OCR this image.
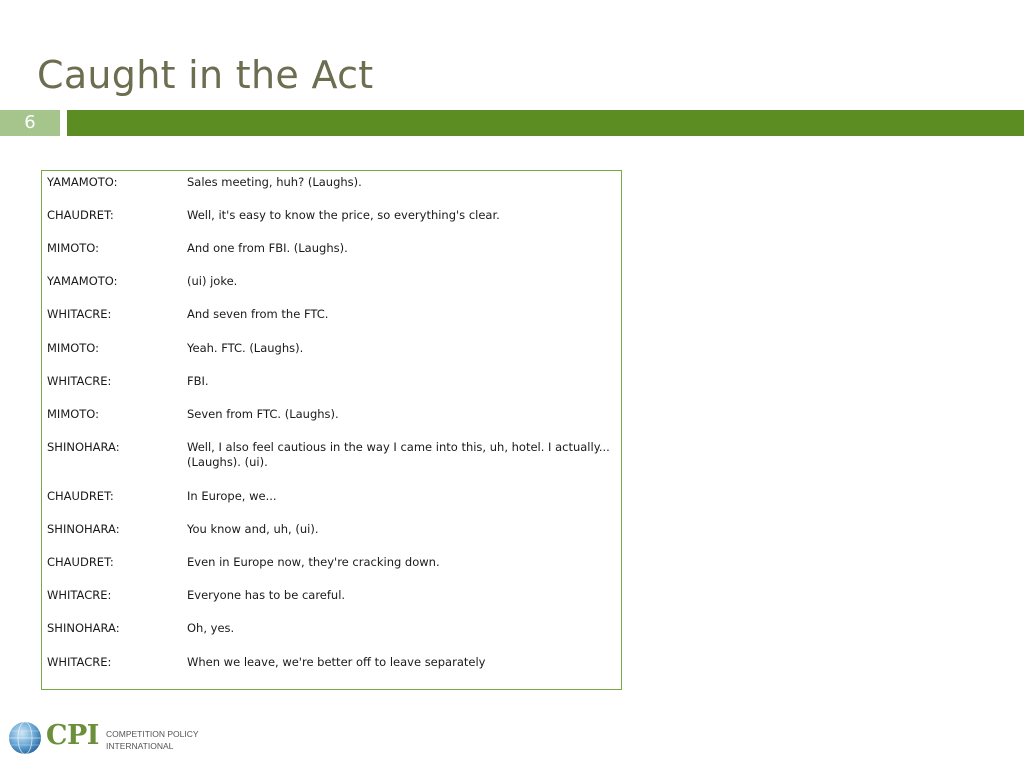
Caught in the Act
6
YAMAMOTO:	Sales meeting, huh? (Laughs).
CHAUDRET:	Well, it's easy to know the price, so everything's clear.
MIMOTO:	And one from FBI. (Laughs).
YAMAMOTO:	(ui) joke.
WHITACRE:	And seven from the FTC.
MIMOTO:	Yeah. FTC. (Laughs).
WHITACRE:	FBI.
MIMOTO:	Seven from FTC. (Laughs).
SHINOHARA:	Well, I also feel cautious in the way I came into this, uh, hotel. I actually... (Laughs). (ui).
CHAUDRET:	In Europe, we...
SHINOHARA:	You know and, uh, (ui).
CHAUDRET:	Even in Europe now, they're cracking down.
WHITACRE:	Everyone has to be careful.
SHINOHARA:	Oh, yes.
WHITACRE:	When we leave, we're better off to leave separately
CPI COMPETITION POLICY
INTERNATIONAL
